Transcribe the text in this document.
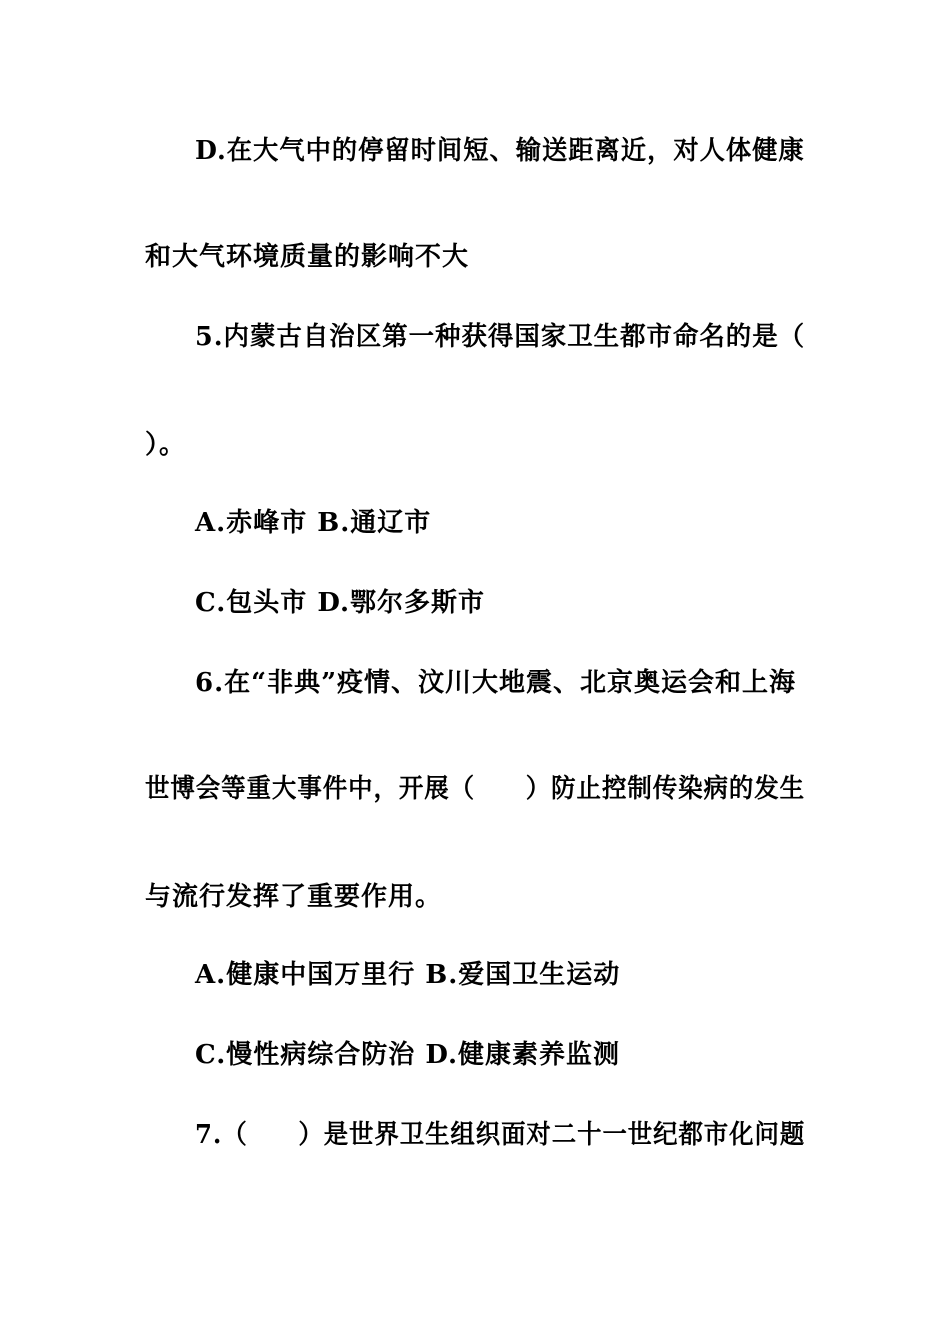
D.在大气中的停留时间短、输送距离近，对人体健康
和大气环境质量的影响不大
5.内蒙古自治区第一种获得国家卫生都市命名的是（
）。
A.赤峰市 B.通辽市
C.包头市 D.鄂尔多斯市
6.在“非典”疫情、汶川大地震、北京奥运会和上海
世博会等重大事件中，开展（　　）防止控制传染病的发生
与流行发挥了重要作用。
A.健康中国万里行 B.爱国卫生运动
C.慢性病综合防治 D.健康素养监测
7.（　　）是世界卫生组织面对二十一世纪都市化问题
